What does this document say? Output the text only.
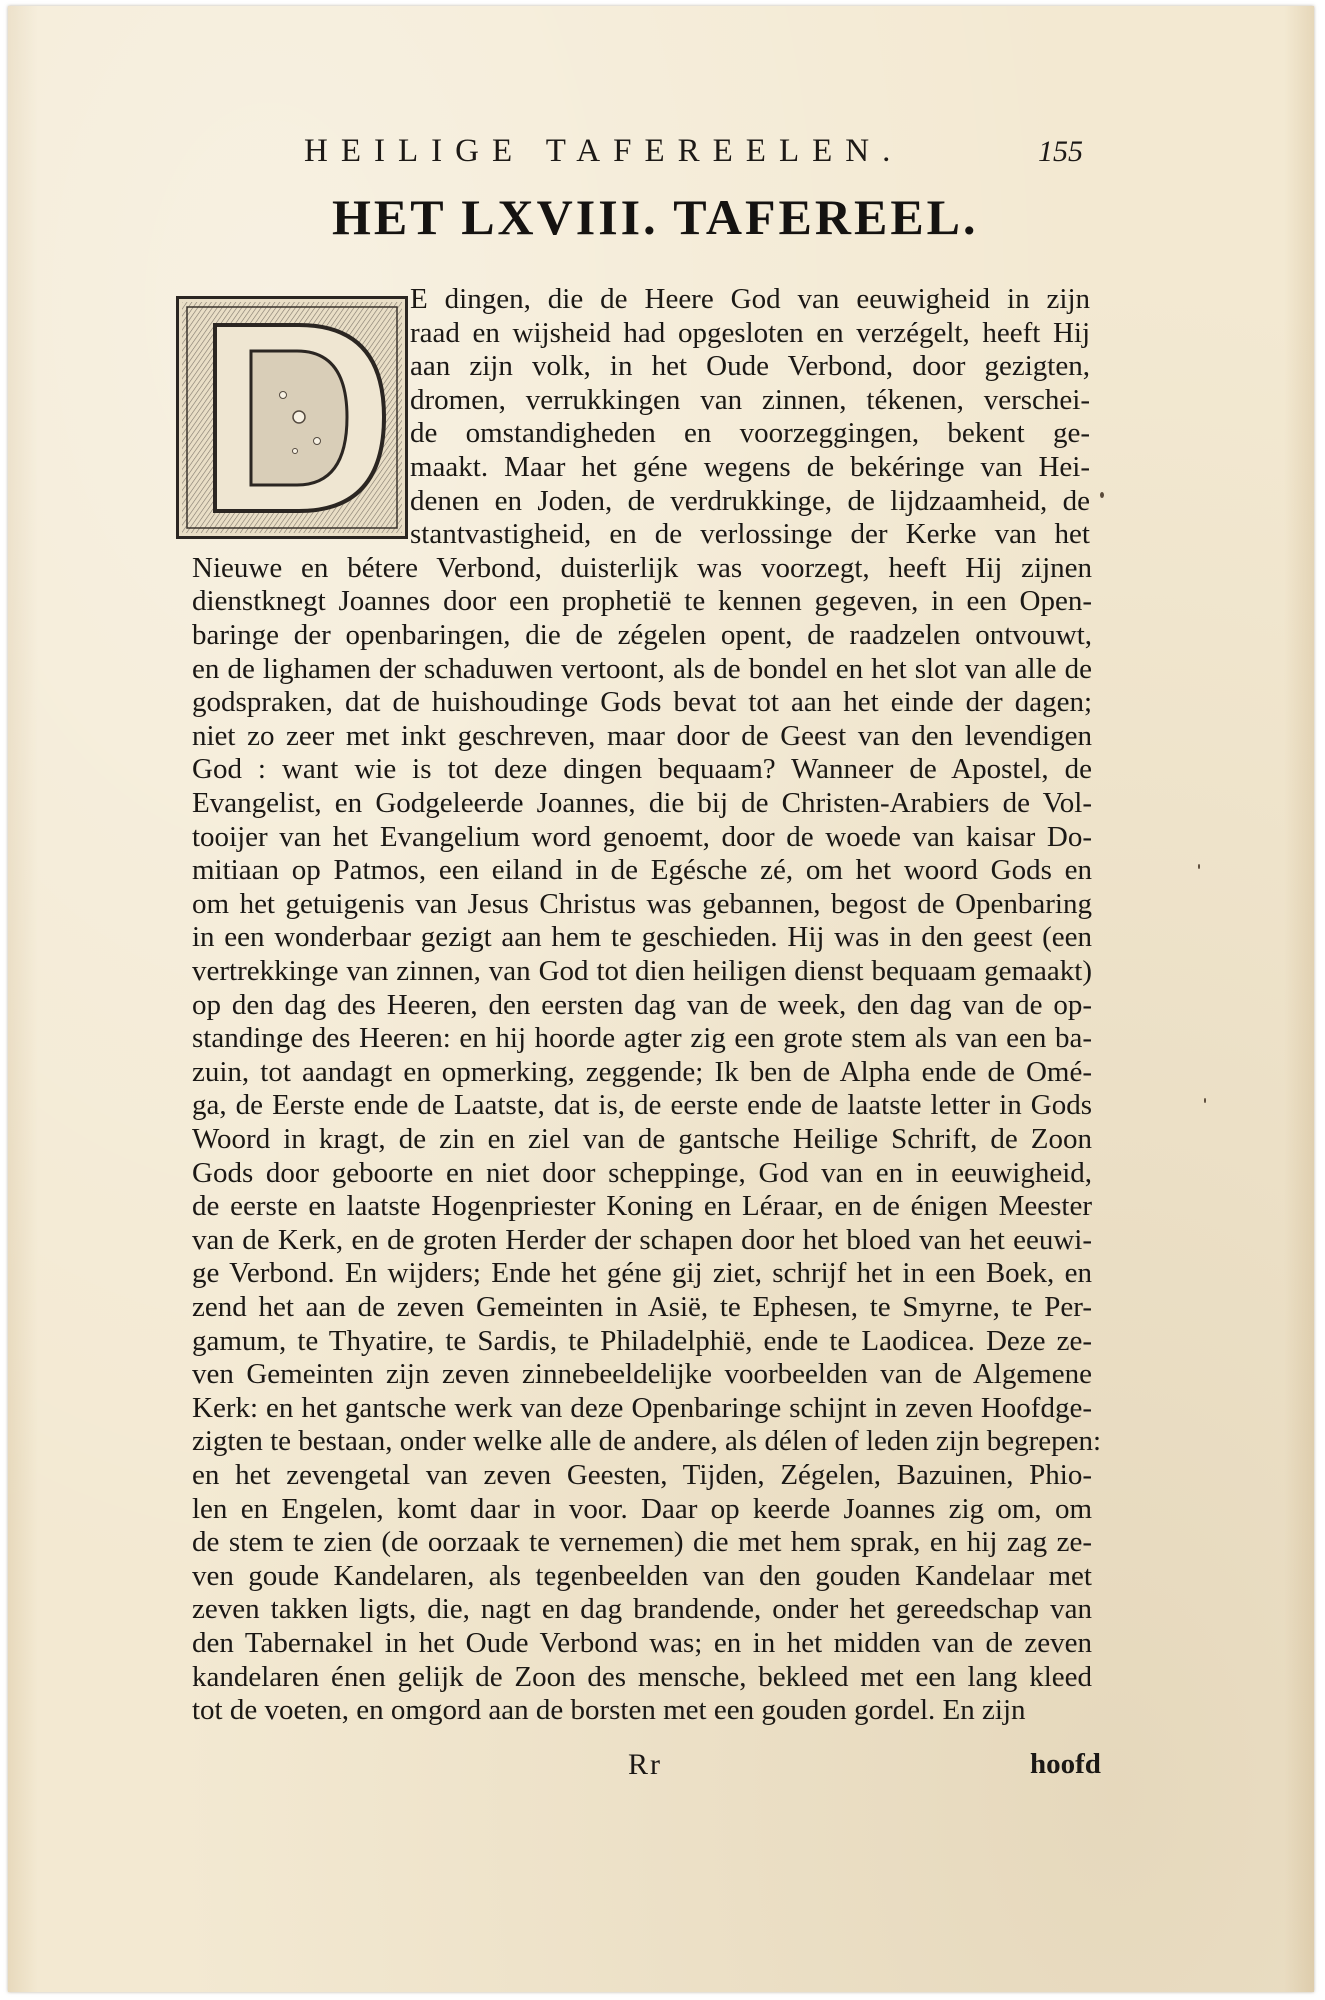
HEILIGE TAFEREELEN.	155
HET LXVIII. TAFEREEL.
E dingen, die de Heere God van eeuwigheid in zijn
raad en wijsheid had opgesloten en verzégelt, heeft Hij
aan zijn volk, in het Oude Verbond, door gezigten,
dromen, verrukkingen van zinnen, tékenen, verschei-
de omstandigheden en voorzeggingen, bekent ge-
maakt. Maar het géne wegens de bekéringe van Hei-
denen en Joden, de verdrukkinge, de lijdzaamheid, de
stantvastigheid, en de verlossinge der Kerke van het
Nieuwe en bétere Verbond, duisterlijk was voorzegt, heeft Hij zijnen
dienstknegt Joannes door een prophetië te kennen gegeven, in een Open-
baringe der openbaringen, die de zégelen opent, de raadzelen ontvouwt,
en de lighamen der schaduwen vertoont, als de bondel en het slot van alle de
godspraken, dat de huishoudinge Gods bevat tot aan het einde der dagen;
niet zo zeer met inkt geschreven, maar door de Geest van den levendigen
God : want wie is tot deze dingen bequaam? Wanneer de Apostel, de
Evangelist, en Godgeleerde Joannes, die bij de Christen-Arabiers de Vol-
tooijer van het Evangelium word genoemt, door de woede van kaisar Do-
mitiaan op Patmos, een eiland in de Egésche zé, om het woord Gods en
om het getuigenis van Jesus Christus was gebannen, begost de Openbaring
in een wonderbaar gezigt aan hem te geschieden. Hij was in den geest (een
vertrekkinge van zinnen, van God tot dien heiligen dienst bequaam gemaakt)
op den dag des Heeren, den eersten dag van de week, den dag van de op-
standinge des Heeren: en hij hoorde agter zig een grote stem als van een ba-
zuin, tot aandagt en opmerking, zeggende; Ik ben de Alpha ende de Omé-
ga, de Eerste ende de Laatste, dat is, de eerste ende de laatste letter in Gods
Woord in kragt, de zin en ziel van de gantsche Heilige Schrift, de Zoon
Gods door geboorte en niet door scheppinge, God van en in eeuwigheid,
de eerste en laatste Hogenpriester Koning en Léraar, en de énigen Meester
van de Kerk, en de groten Herder der schapen door het bloed van het eeuwi-
ge Verbond. En wijders; Ende het géne gij ziet, schrijf het in een Boek, en
zend het aan de zeven Gemeinten in Asië, te Ephesen, te Smyrne, te Per-
gamum, te Thyatire, te Sardis, te Philadelphië, ende te Laodicea. Deze ze-
ven Gemeinten zijn zeven zinnebeeldelijke voorbeelden van de Algemene
Kerk: en het gantsche werk van deze Openbaringe schijnt in zeven Hoofdge-
zigten te bestaan, onder welke alle de andere, als délen of leden zijn begrepen:
en het zevengetal van zeven Geesten, Tijden, Zégelen, Bazuinen, Phio-
len en Engelen, komt daar in voor. Daar op keerde Joannes zig om, om
de stem te zien (de oorzaak te vernemen) die met hem sprak, en hij zag ze-
ven goude Kandelaren, als tegenbeelden van den gouden Kandelaar met
zeven takken ligts, die, nagt en dag brandende, onder het gereedschap van
den Tabernakel in het Oude Verbond was; en in het midden van de zeven
kandelaren énen gelijk de Zoon des mensche, bekleed met een lang kleed
tot de voeten, en omgord aan de borsten met een gouden gordel. En zijn
Rr	hoofd
